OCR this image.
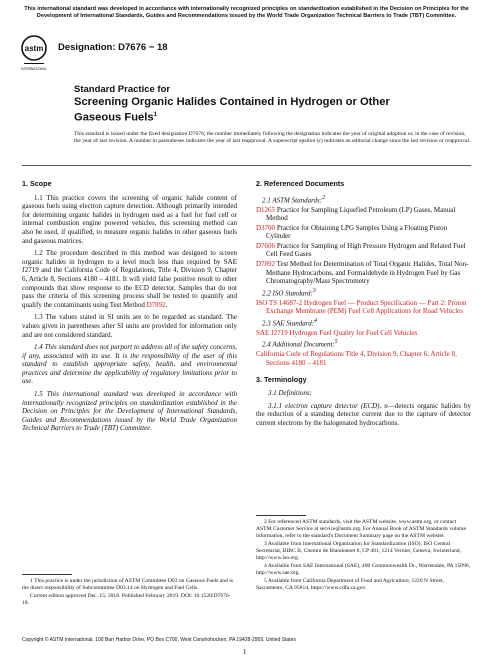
This international standard was developed in accordance with internationally recognized principles on standardization established in the Decision on Principles for the Development of International Standards, Guides and Recommendations issued by the World Trade Organization Technical Barriers to Trade (TBT) Committee.
astm
INTERNATIONAL
Designation: D7676 − 18
Standard Practice for
Screening Organic Halides Contained in Hydrogen or Other
Gaseous Fuels$^1$
This standard is issued under the fixed designation D7676; the number immediately following the designation indicates the year of original adoption or, in the case of revision, the year of last revision. A number in parentheses indicates the year of last reapproval. A superscript epsilon (ε) indicates an editorial change since the last revision or reapproval.
1. Scope

1.1 This practice covers the screening of organic halide content of gaseous fuels using electron capture detection. Although primarily intended for determining organic halides in hydrogen used as a fuel for fuel cell or internal combustion engine powered vehicles, this screening method can also be used, if qualified, to measure organic halides in other gaseous fuels and gaseous matrices.

1.2 The procedure described in this method was designed to screen organic halides in hydrogen to a level much less than required by SAE J2719 and the California Code of Regulations, Title 4, Division 9, Chapter 6, Article 8, Sections 4180 – 4181. It will yield false positive result to other compounds that show response to the ECD detector. Samples that do not pass the criteria of this screening process shall be tested to quantify and qualify the contaminants using Test Method D7892.

1.3 The values stated in SI units are to be regarded as standard. The values given in parentheses after SI units are provided for information only and are not considered standard.

1.4 This standard does not purport to address all of the safety concerns, if any, associated with its use. It is the responsibility of the user of this standard to establish appropriate safety, health, and environmental practices and determine the applicability of regulatory limitations prior to use.

1.5 This international standard was developed in accordance with internationally recognized principles on standardization established in the Decision on Principles for the Development of International Standards, Guides and Recommendations issued by the World Trade Organization Technical Barriers to Trade (TBT) Committee.

1 This practice is under the jurisdiction of ASTM Committee D03 on Gaseous Fuels and is the direct responsibility of Subcommittee D03.14 on Hydrogen and Fuel Cells.

Current edition approved Dec. 15, 2018. Published February 2019. DOI: 10.1520/D7676-18.

2. Referenced Documents
2.1 ASTM Standards:$^2$
D1265 Practice for Sampling Liquefied Petroleum (LP) Gases, Manual Method
D3700 Practice for Obtaining LPG Samples Using a Floating Piston Cylinder
D7606 Practice for Sampling of High Pressure Hydrogen and Related Fuel Cell Feed Gases
D7892 Test Method for Determination of Total Organic Halides, Total Non-Methane Hydrocarbons, and Formaldehyde in Hydrogen Fuel by Gas Chromatography/Mass Spectrometry
2.2 ISO Standard:$^3$
ISO TS 14687-2 Hydrogen Fuel — Product Specification — Part 2: Proton Exchange Membrane (PEM) Fuel Cell Applications for Road Vehicles
2.3 SAE Standard:$^4$
SAE J2719 Hydrogen Fuel Quality for Fuel Cell Vehicles
2.4 Additional Document:$^5$
California Code of Regulations Title 4, Division 9, Chapter 6, Article 8, Sections 4180 – 4181
3. Terminology

3.1 Definitions:

3.1.1 electron capture detector (ECD), n—detects organic halides by the reduction of a standing detector current due to the capture of detector current electrons by the halogenated hydrocarbons.

2 For referenced ASTM standards, visit the ASTM website, www.astm.org, or contact ASTM Customer Service at service@astm.org. For Annual Book of ASTM Standards volume information, refer to the standard's Document Summary page on the ASTM website.

3 Available from International Organization for Standardization (ISO), ISO Central Secretariat, BIBC II, Chemin de Blandonnet 8, CP 401, 1214 Vernier, Geneva, Switzerland, http://www.iso.org.

4 Available from SAE International (SAE), 400 Commonwealth Dr., Warrendale, PA 15096, http://www.sae.org.

5 Available from California Department of Food and Agriculture, 1220 N Street, Sacramento, CA 95814, https://www.cdfa.ca.gov.

Copyright © ASTM International, 100 Barr Harbor Drive, PO Box C700, West Conshohocken, PA 19428-2959. United States
1
